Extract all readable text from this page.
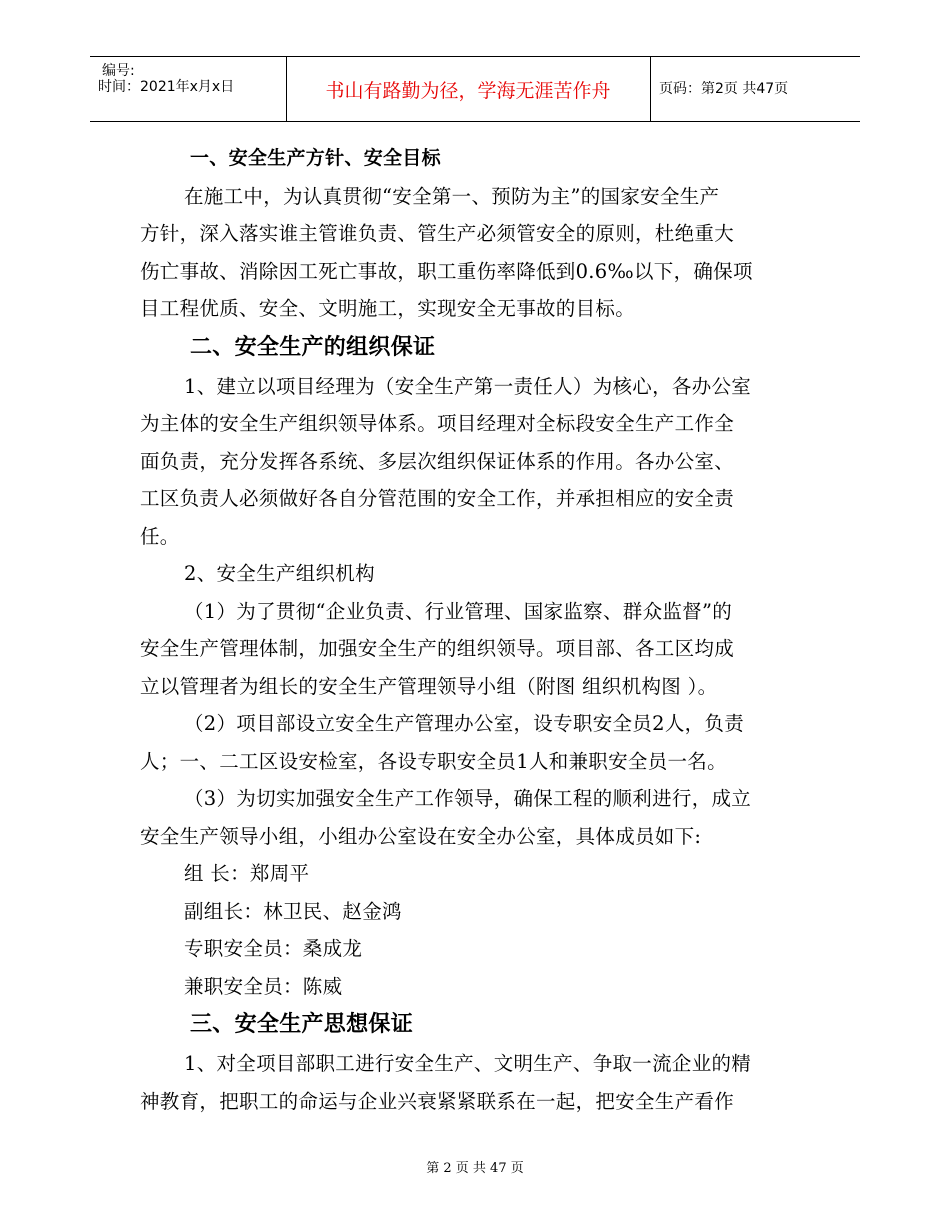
编号:
时间：2021年x月x日	书山有路勤为径，学海无涯苦作舟	页码：第2页 共47页
一、安全生产方针、安全目标
在施工中，为认真贯彻“安全第一、预防为主”的国家安全生产
方针，深入落实谁主管谁负责、管生产必须管安全的原则，杜绝重大
伤亡事故、消除因工死亡事故，职工重伤率降低到0.6‰以下，确保项
目工程优质、安全、文明施工，实现安全无事故的目标。
二、安全生产的组织保证
1、建立以项目经理为（安全生产第一责任人）为核心，各办公室
为主体的安全生产组织领导体系。项目经理对全标段安全生产工作全
面负责，充分发挥各系统、多层次组织保证体系的作用。各办公室、
工区负责人必须做好各自分管范围的安全工作，并承担相应的安全责
任。
2、安全生产组织机构
（1）为了贯彻“企业负责、行业管理、国家监察、群众监督”的
安全生产管理体制，加强安全生产的组织领导。项目部、各工区均成
立以管理者为组长的安全生产管理领导小组（附图 组织机构图 ）。
（2）项目部设立安全生产管理办公室，设专职安全员2人，负责
人；一、二工区设安检室，各设专职安全员1人和兼职安全员一名。
（3）为切实加强安全生产工作领导，确保工程的顺利进行，成立
安全生产领导小组，小组办公室设在安全办公室，具体成员如下:
组 长：郑周平
副组长：林卫民、赵金鸿
专职安全员：桑成龙
兼职安全员：陈威
三、安全生产思想保证
1、对全项目部职工进行安全生产、文明生产、争取一流企业的精
神教育，把职工的命运与企业兴衰紧紧联系在一起，把安全生产看作
第 2 页 共 47 页
